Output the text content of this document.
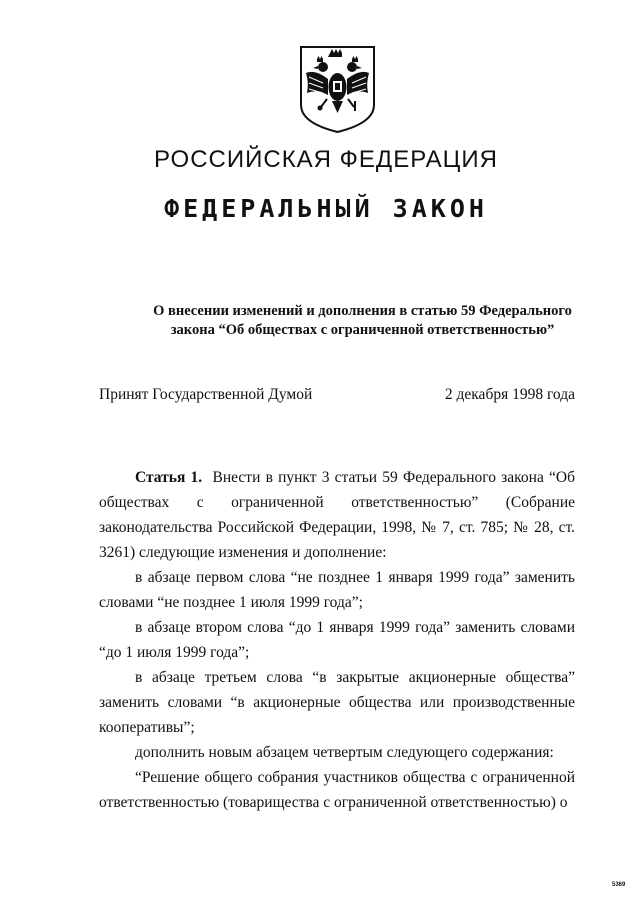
РОССИЙСКАЯ ФЕДЕРАЦИЯ
ФЕДЕРАЛЬНЫЙ ЗАКОН
О внесении изменений и дополнения в статью 59 Федерального
закона “Об обществах с ограниченной ответственностью”
Принят Государственной Думой	2 декабря 1998 года

Статья 1. Внести в пункт 3 статьи 59 Федерального закона “Об обществах с ограниченной ответственностью” (Собрание законодательства Российской Федерации, 1998, № 7, ст. 785; № 28, ст. 3261) следующие изменения и дополнение:

в абзаце первом слова “не позднее 1 января 1999 года” заменить словами “не позднее 1 июля 1999 года”;

в абзаце втором слова “до 1 января 1999 года” заменить словами “до 1 июля 1999 года”;

в абзаце третьем слова “в закрытые акционерные общества” заменить словами “в акционерные общества или производственные кооперативы”;

дополнить новым абзацем четвертым следующего содержания:

“Решение общего собрания участников общества с ограниченной ответственностью (товарищества с ограниченной ответственностью) о

5369
